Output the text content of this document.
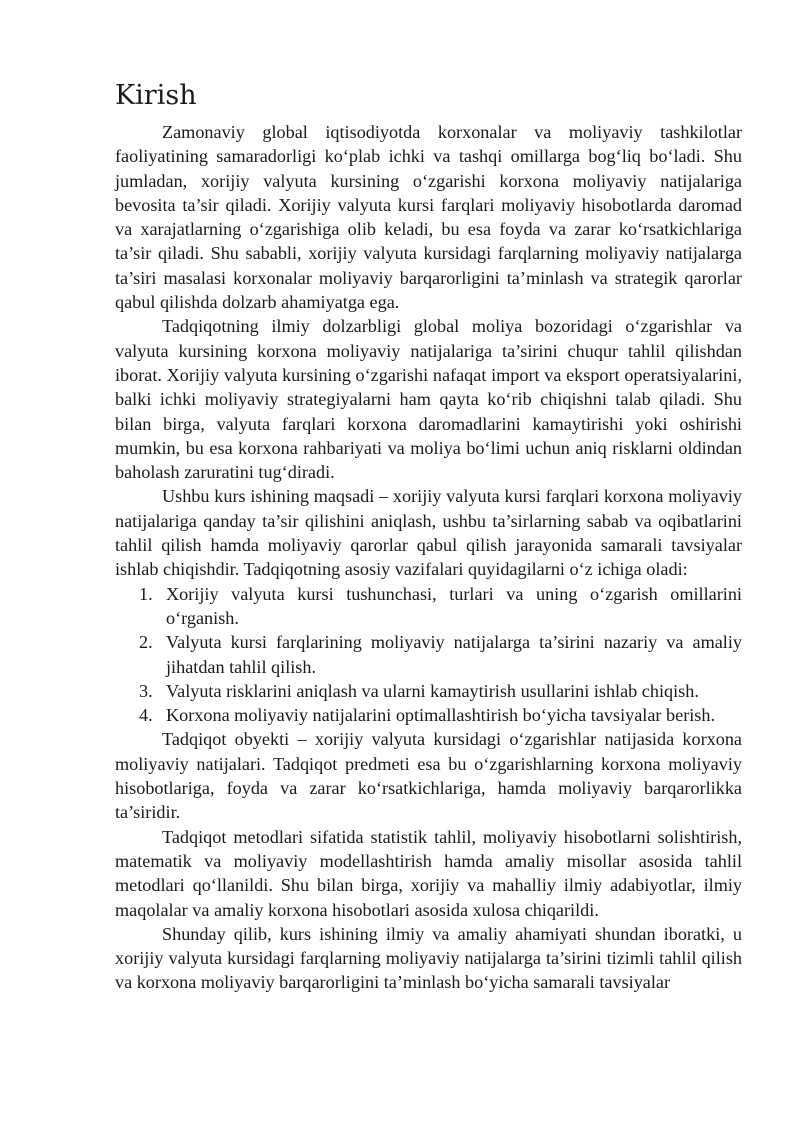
Kirish

Zamonaviy global iqtisodiyotda korxonalar va moliyaviy tashkilotlar faoliyatining samaradorligi ko‘plab ichki va tashqi omillarga bog‘liq bo‘ladi. Shu jumladan, xorijiy valyuta kursining o‘zgarishi korxona moliyaviy natijalariga bevosita ta’sir qiladi. Xorijiy valyuta kursi farqlari moliyaviy hisobotlarda daromad va xarajatlarning o‘zgarishiga olib keladi, bu esa foyda va zarar ko‘rsatkichlariga ta’sir qiladi. Shu sababli, xorijiy valyuta kursidagi farqlarning moliyaviy natijalarga ta’siri masalasi korxonalar moliyaviy barqarorligini ta’minlash va strategik qarorlar qabul qilishda dolzarb ahamiyatga ega.

Tadqiqotning ilmiy dolzarbligi global moliya bozoridagi o‘zgarishlar va valyuta kursining korxona moliyaviy natijalariga ta’sirini chuqur tahlil qilishdan iborat. Xorijiy valyuta kursining o‘zgarishi nafaqat import va eksport operatsiyalarini, balki ichki moliyaviy strategiyalarni ham qayta ko‘rib chiqishni talab qiladi. Shu bilan birga, valyuta farqlari korxona daromadlarini kamaytirishi yoki oshirishi mumkin, bu esa korxona rahbariyati va moliya bo‘limi uchun aniq risklarni oldindan baholash zaruratini tug‘diradi.

Ushbu kurs ishining maqsadi – xorijiy valyuta kursi farqlari korxona moliyaviy natijalariga qanday ta’sir qilishini aniqlash, ushbu ta’sirlarning sabab va oqibatlarini tahlil qilish hamda moliyaviy qarorlar qabul qilish jarayonida samarali tavsiyalar ishlab chiqishdir. Tadqiqotning asosiy vazifalari quyidagilarni o‘z ichiga oladi:

1. Xorijiy valyuta kursi tushunchasi, turlari va uning o‘zgarish omillarini o‘rganish.
2. Valyuta kursi farqlarining moliyaviy natijalarga ta’sirini nazariy va amaliy jihatdan tahlil qilish.
3. Valyuta risklarini aniqlash va ularni kamaytirish usullarini ishlab chiqish.
4. Korxona moliyaviy natijalarini optimallashtirish bo‘yicha tavsiyalar berish.

Tadqiqot obyekti – xorijiy valyuta kursidagi o‘zgarishlar natijasida korxona moliyaviy natijalari. Tadqiqot predmeti esa bu o‘zgarishlarning korxona moliyaviy hisobotlariga, foyda va zarar ko‘rsatkichlariga, hamda moliyaviy barqarorlikka ta’siridir.

Tadqiqot metodlari sifatida statistik tahlil, moliyaviy hisobotlarni solishtirish, matematik va moliyaviy modellashtirish hamda amaliy misollar asosida tahlil metodlari qo‘llanildi. Shu bilan birga, xorijiy va mahalliy ilmiy adabiyotlar, ilmiy maqolalar va amaliy korxona hisobotlari asosida xulosa chiqarildi.

Shunday qilib, kurs ishining ilmiy va amaliy ahamiyati shundan iboratki, u xorijiy valyuta kursidagi farqlarning moliyaviy natijalarga ta’sirini tizimli tahlil qilish va korxona moliyaviy barqarorligini ta’minlash bo‘yicha samarali tavsiyalar
